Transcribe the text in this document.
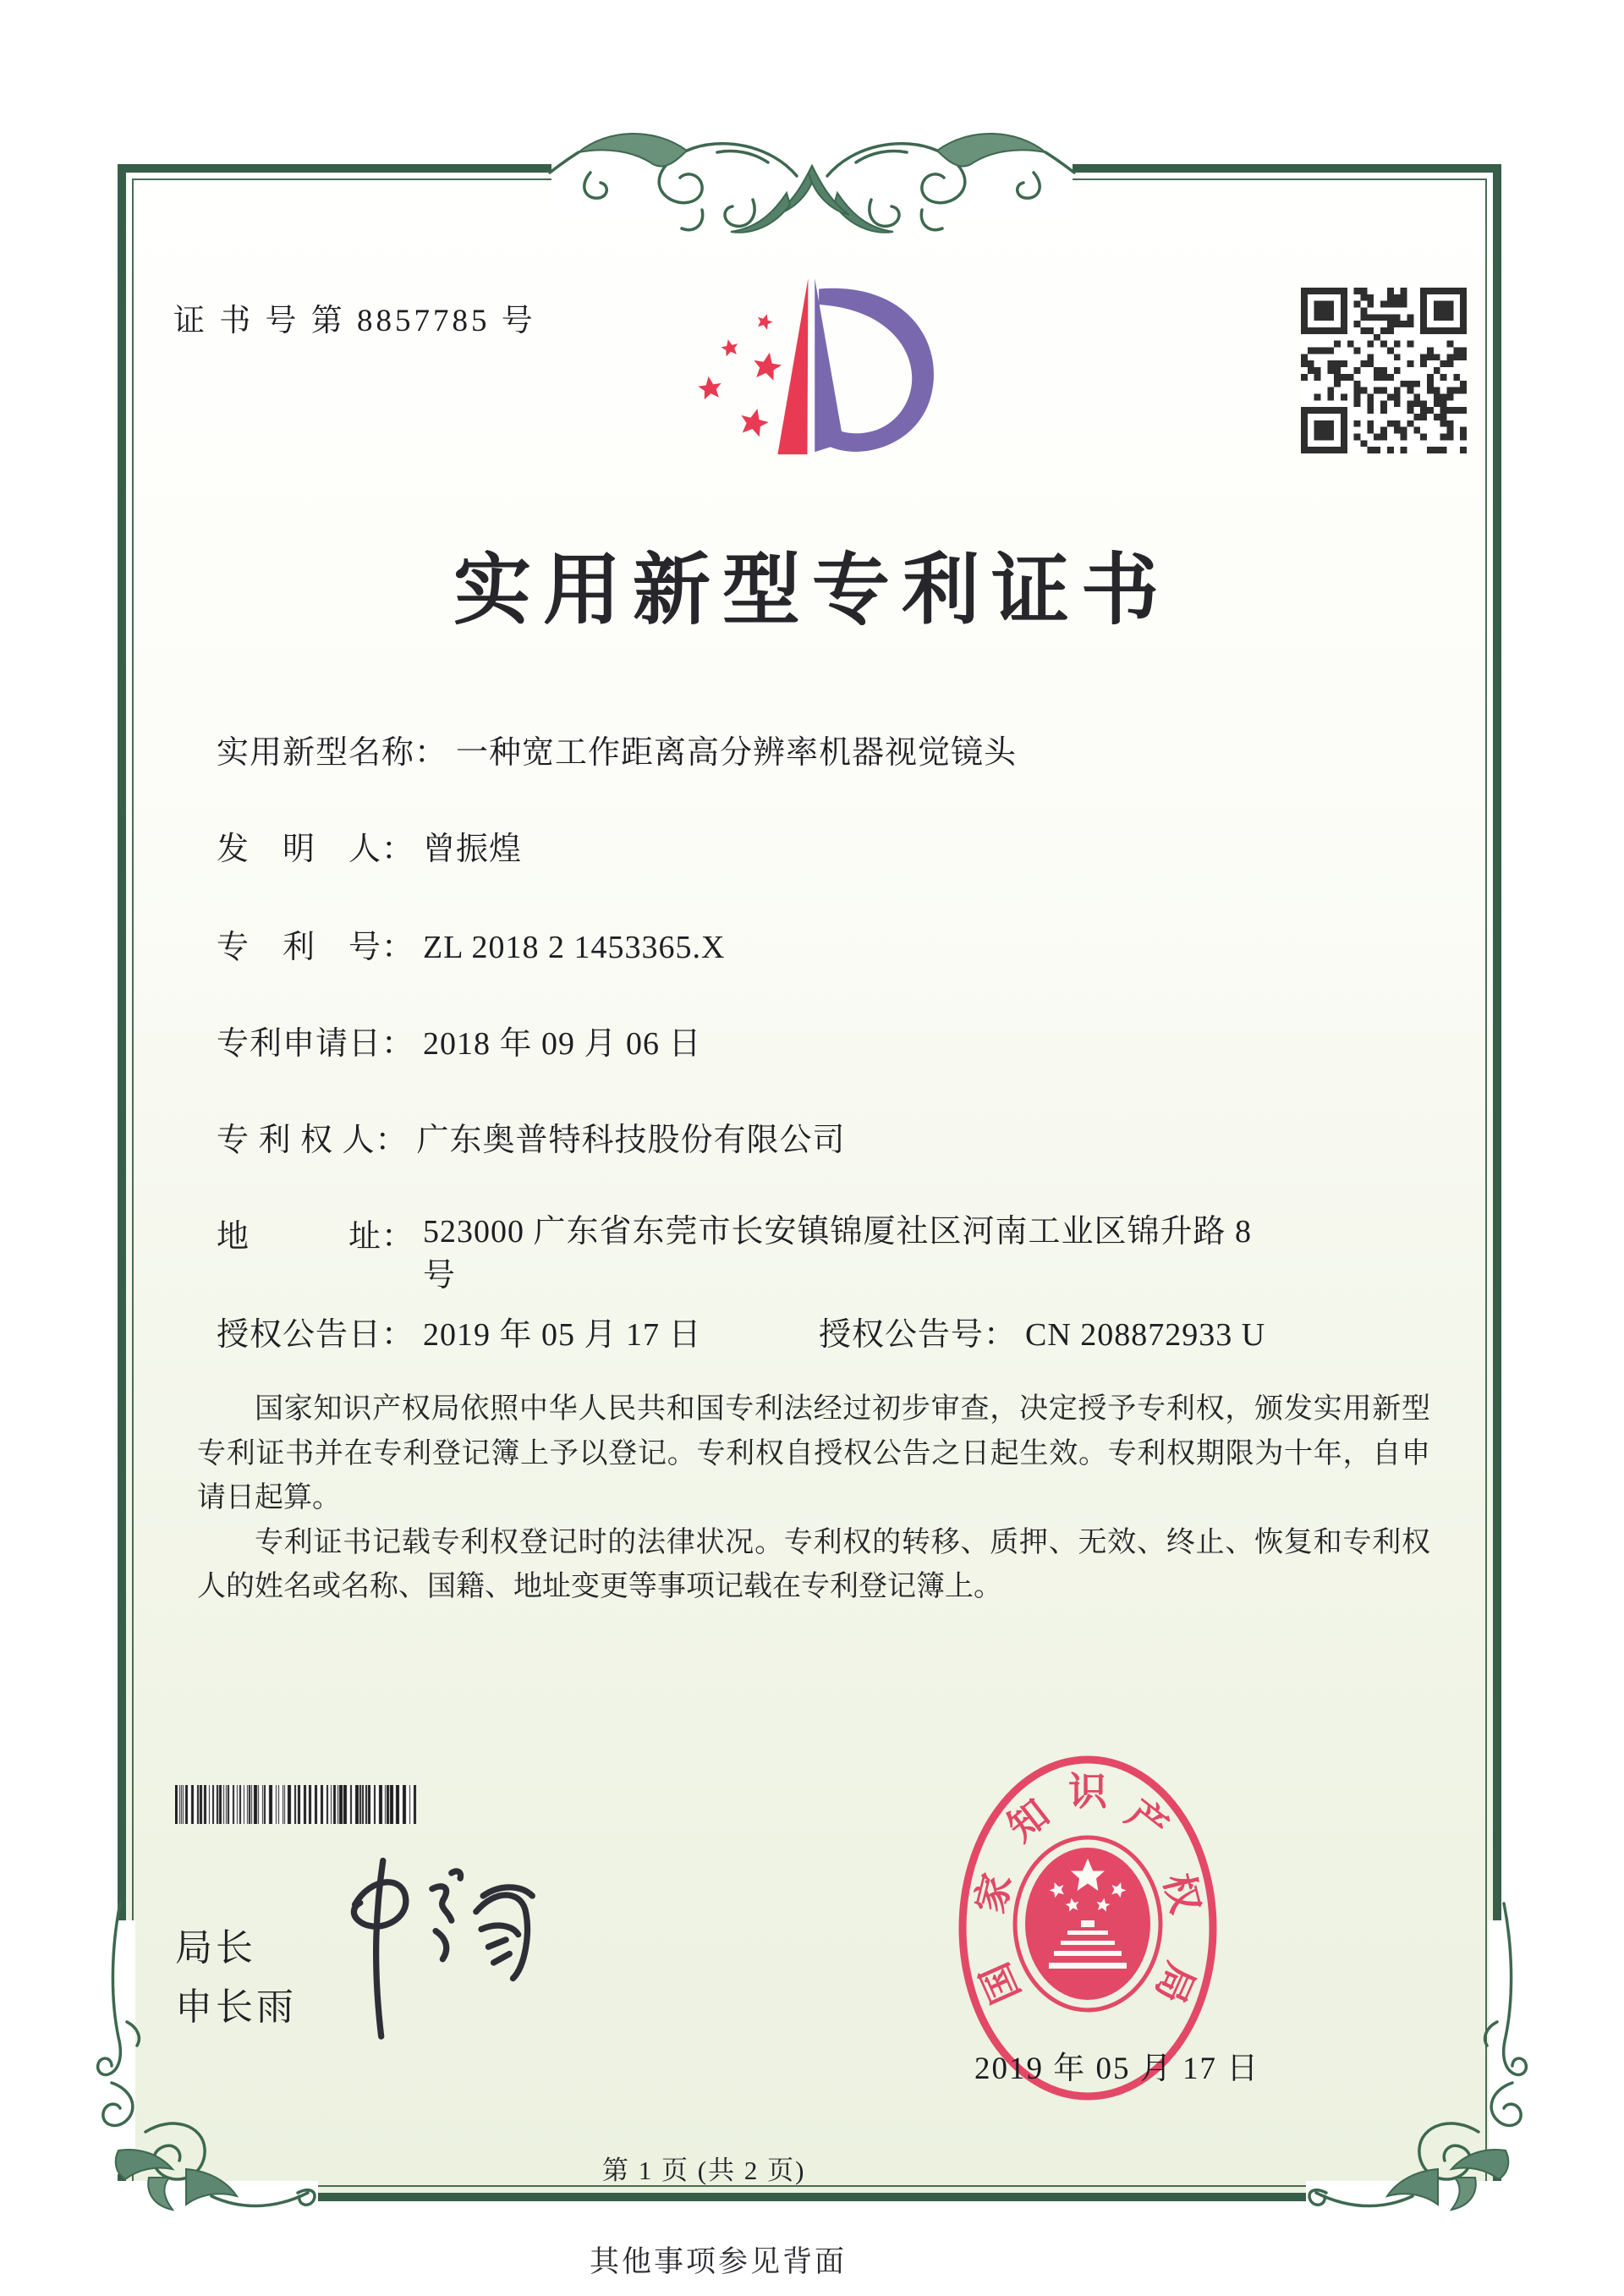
证 书 号 第 8857785 号
实用新型专利证书
实用新型名称： 一种宽工作距离高分辨率机器视觉镜头
发　明　人： 曾振煌
专　利　号： ZL 2018 2 1453365.X
专利申请日： 2018 年 09 月 06 日
专 利 权 人： 广东奥普特科技股份有限公司
地　　　址： 523000 广东省东莞市长安镇锦厦社区河南工业区锦升路 8
号
授权公告日： 2019 年 05 月 17 日	授权公告号： CN 208872933 U

国家知识产权局依照中华人民共和国专利法经过初步审查，决定授予专利权，颁发实用新型专利证书并在专利登记簿上予以登记。专利权自授权公告之日起生效。专利权期限为十年，自申请日起算。

专利证书记载专利权登记时的法律状况。专利权的转移、质押、无效、终止、恢复和专利权人的姓名或名称、国籍、地址变更等事项记载在专利登记簿上。

局长
申长雨	国
家
知 识 产
权
局
2019 年 05 月 17 日
第 1 页 (共 2 页)
其他事项参见背面
